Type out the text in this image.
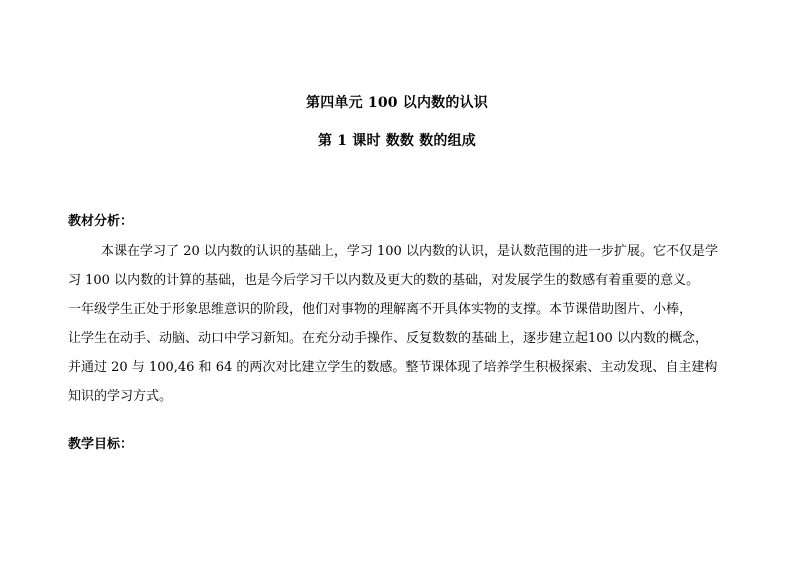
第四单元 100 以内数的认识
第 1 课时 数数 数的组成
教材分析：
本课在学习了 20 以内数的认识的基础上，学习 100 以内数的认识，是认数范围的进一步扩展。它不仅是学
习 100 以内数的计算的基础，也是今后学习千以内数及更大的数的基础，对发展学生的数感有着重要的意义。
一年级学生正处于形象思维意识的阶段，他们对事物的理解离不开具体实物的支撑。本节课借助图片、小棒，
让学生在动手、动脑、动口中学习新知。在充分动手操作、反复数数的基础上，逐步建立起100 以内数的概念，
并通过 20 与 100,46 和 64 的两次对比建立学生的数感。整节课体现了培养学生积极探索、主动发现、自主建构
知识的学习方式。
教学目标：
